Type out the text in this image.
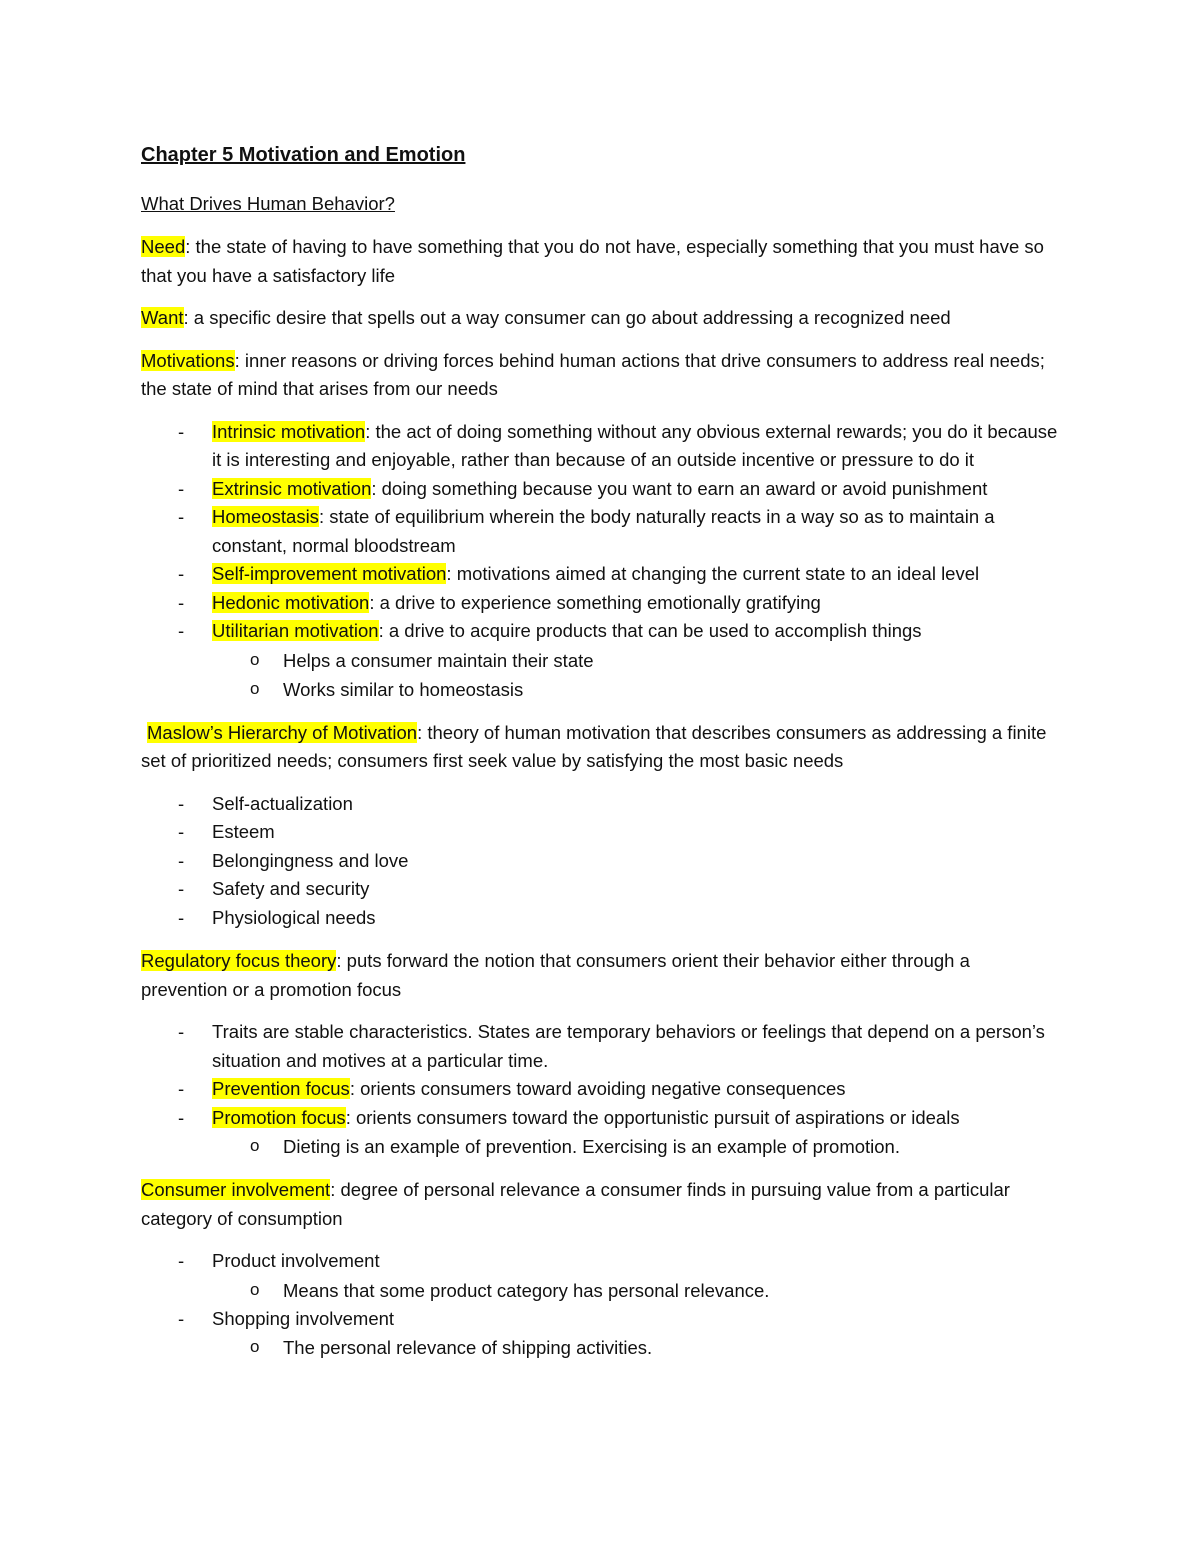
Chapter 5 Motivation and Emotion
What Drives Human Behavior?

Need: the state of having to have something that you do not have, especially something that you must have so that you have a satisfactory life

Want: a specific desire that spells out a way consumer can go about addressing a recognized need

Motivations: inner reasons or driving forces behind human actions that drive consumers to address real needs; the state of mind that arises from our needs

- Intrinsic motivation: the act of doing something without any obvious external rewards; you do it because it is interesting and enjoyable, rather than because of an outside incentive or pressure to do it
- Extrinsic motivation: doing something because you want to earn an award or avoid punishment
- Homeostasis: state of equilibrium wherein the body naturally reacts in a way so as to maintain a constant, normal bloodstream
- Self-improvement motivation: motivations aimed at changing the current state to an ideal level
- Hedonic motivation: a drive to experience something emotionally gratifying
- Utilitarian motivation: a drive to acquire products that can be used to accomplish things
o Helps a consumer maintain their state
o Works similar to homeostasis

Maslow’s Hierarchy of Motivation: theory of human motivation that describes consumers as addressing a finite set of prioritized needs; consumers first seek value by satisfying the most basic needs

- Self-actualization
- Esteem
- Belongingness and love
- Safety and security
- Physiological needs

Regulatory focus theory: puts forward the notion that consumers orient their behavior either through a prevention or a promotion focus

- Traits are stable characteristics. States are temporary behaviors or feelings that depend on a person’s situation and motives at a particular time.
- Prevention focus: orients consumers toward avoiding negative consequences
- Promotion focus: orients consumers toward the opportunistic pursuit of aspirations or ideals
o Dieting is an example of prevention. Exercising is an example of promotion.

Consumer involvement: degree of personal relevance a consumer finds in pursuing value from a particular category of consumption

- Product involvement
o Means that some product category has personal relevance.
- Shopping involvement
o The personal relevance of shipping activities.
